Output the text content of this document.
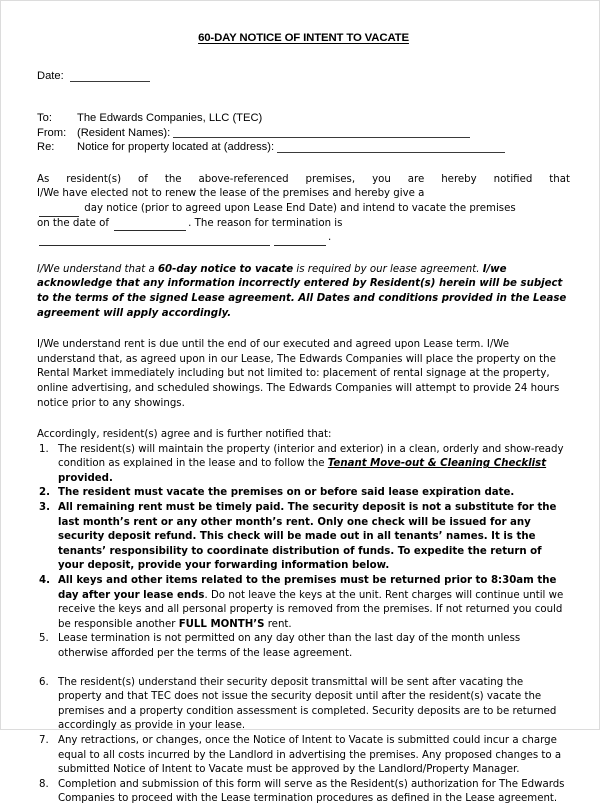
60-DAY NOTICE OF INTENT TO VACATE
Date:
To:	The Edwards Companies, LLC (TEC)
From: (Resident Names):
Re:	Notice for property located at (address):
As resident(s) of the above-referenced premises, you are hereby notified that
I/We have elected not to renew the lease of the premises and hereby give a
day notice (prior to agreed upon Lease End Date) and intend to vacate the premises
on the date of	. The reason for termination is .
I/We understand that a 60-day notice to vacate is required by our lease agreement. I/we acknowledge that any information incorrectly entered by Resident(s) herein will be subject to the terms of the signed Lease agreement. All Dates and conditions provided in the Lease agreement will apply accordingly.
I/We understand rent is due until the end of our executed and agreed upon Lease term. I/We understand that, as agreed upon in our Lease, The Edwards Companies will place the property on the Rental Market immediately including but not limited to: placement of rental signage at the property, online advertising, and scheduled showings. The Edwards Companies will attempt to provide 24 hours notice prior to any showings.
Accordingly, resident(s) agree and is further notified that:
1. The resident(s) will maintain the property (interior and exterior) in a clean, orderly and show-ready condition as explained in the lease and to follow the Tenant Move-out & Cleaning Checklist provided.
2. The resident must vacate the premises on or before said lease expiration date.
3. All remaining rent must be timely paid. The security deposit is not a substitute for the last month’s rent or any other month’s rent. Only one check will be issued for any security deposit refund. This check will be made out in all tenants’ names. It is the tenants’ responsibility to coordinate distribution of funds. To expedite the return of your deposit, provide your forwarding information below.
4. All keys and other items related to the premises must be returned prior to 8:30am the day after your lease ends. Do not leave the keys at the unit. Rent charges will continue until we receive the keys and all personal property is removed from the premises. If not returned you could be responsible another FULL MONTH’S rent.
5. Lease termination is not permitted on any day other than the last day of the month unless otherwise afforded per the terms of the lease agreement.
6. The resident(s) understand their security deposit transmittal will be sent after vacating the property and that TEC does not issue the security deposit until after the resident(s) vacate the premises and a property condition assessment is completed. Security deposits are to be returned accordingly as provide in your lease.
7. Any retractions, or changes, once the Notice of Intent to Vacate is submitted could incur a charge equal to all costs incurred by the Landlord in advertising the premises. Any proposed changes to a submitted Notice of Intent to Vacate must be approved by the Landlord/Property Manager.
8. Completion and submission of this form will serve as the Resident(s) authorization for The Edwards Companies to proceed with the Lease termination procedures as defined in the Lease agreement.
